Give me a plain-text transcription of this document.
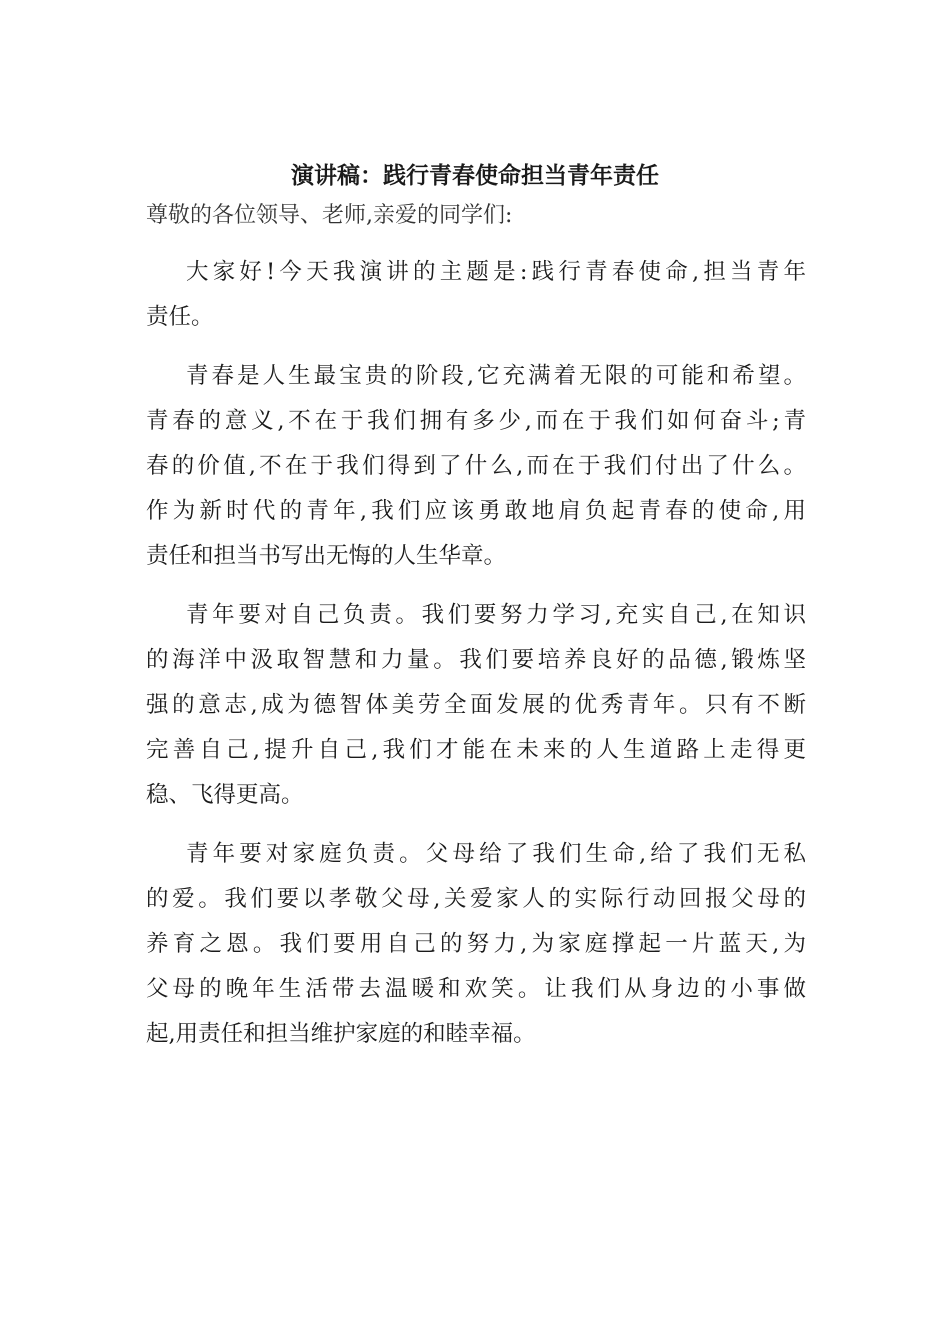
演讲稿：践行青春使命担当青年责任
尊敬的各位领导、老师,亲爱的同学们:
大家好!今天我演讲的主题是:践行青春使命,担当青年
责任。
青春是人生最宝贵的阶段,它充满着无限的可能和希望。
青春的意义,不在于我们拥有多少,而在于我们如何奋斗;青
春的价值,不在于我们得到了什么,而在于我们付出了什么。
作为新时代的青年,我们应该勇敢地肩负起青春的使命,用
责任和担当书写出无悔的人生华章。
青年要对自己负责。我们要努力学习,充实自己,在知识
的海洋中汲取智慧和力量。我们要培养良好的品德,锻炼坚
强的意志,成为德智体美劳全面发展的优秀青年。只有不断
完善自己,提升自己,我们才能在未来的人生道路上走得更
稳、飞得更高。
青年要对家庭负责。父母给了我们生命,给了我们无私
的爱。我们要以孝敬父母,关爱家人的实际行动回报父母的
养育之恩。我们要用自己的努力,为家庭撑起一片蓝天,为
父母的晚年生活带去温暖和欢笑。让我们从身边的小事做
起,用责任和担当维护家庭的和睦幸福。
